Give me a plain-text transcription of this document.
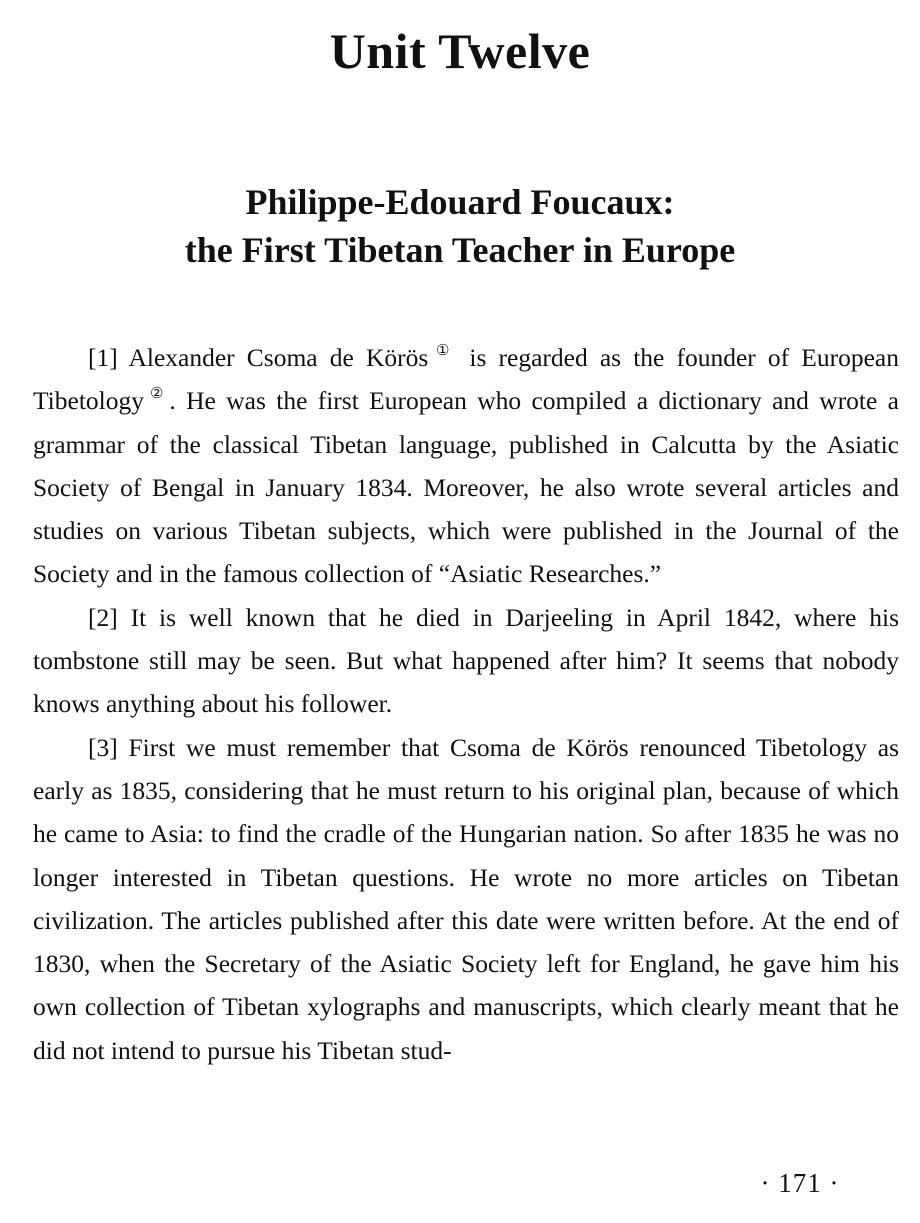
Unit Twelve
Philippe-Edouard Foucaux:
the First Tibetan Teacher in Europe

[1] Alexander Csoma de Körös ① is regarded as the founder of European Tibetology ②. He was the first European who compiled a dictionary and wrote a grammar of the classical Tibetan language, published in Calcutta by the Asiatic Society of Bengal in January 1834. Moreover, he also wrote several articles and studies on various Tibetan subjects, which were published in the Journal of the Society and in the famous collection of “Asiatic Researches.”

[2] It is well known that he died in Darjeeling in April 1842, where his tombstone still may be seen. But what happened after him? It seems that nobody knows anything about his follower.

[3] First we must remember that Csoma de Körös renounced Tibetology as early as 1835, considering that he must return to his original plan, because of which he came to Asia: to find the cradle of the Hungarian nation. So after 1835 he was no longer interested in Tibetan questions. He wrote no more articles on Tibetan civilization. The articles published after this date were written before. At the end of 1830, when the Secretary of the Asiatic Society left for England, he gave him his own collection of Tibetan xylographs and manuscripts, which clearly meant that he did not intend to pursue his Tibetan stud-

· 171 ·
